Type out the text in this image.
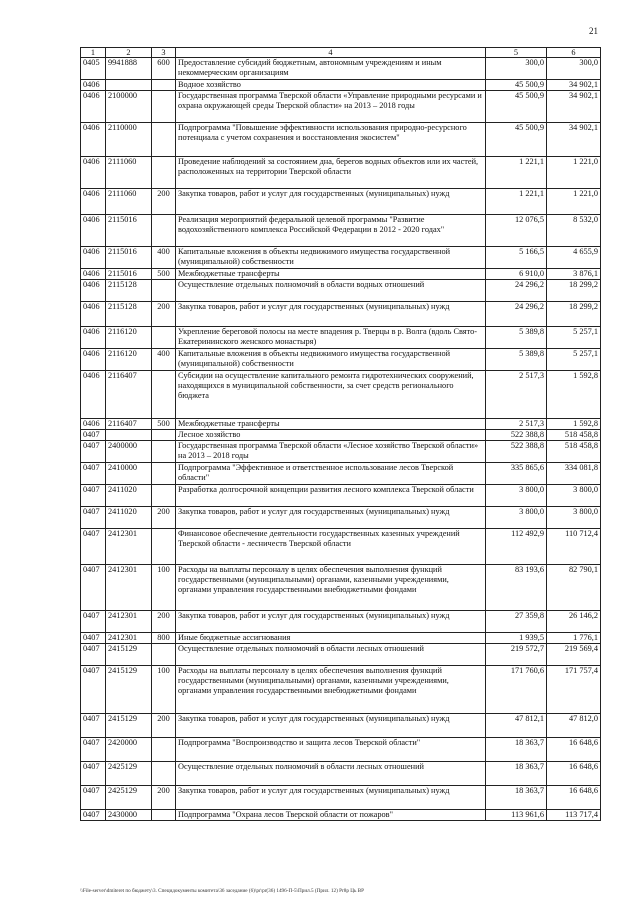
21
1	2	3	4	5	6
0405	9941888	600	Предоставление субсидий бюджетным, автономным учреждениям и иным некоммерческим организациям	300,0	300,0
0406			Водное хозяйство	45 500,9	34 902,1
0406	2100000		Государственная программа Тверской области «Управление природными ресурсами и охрана окружающей среды Тверской области» на 2013 – 2018 годы	45 500,9	34 902,1
0406	2110000		Подпрограмма "Повышение эффективности использования природно-ресурсного потенциала с учетом сохранения и восстановления экосистем"	45 500,9	34 902,1
0406	2111060		Проведение наблюдений за состоянием дна, берегов водных объектов или их частей, расположенных на территории Тверской области	1 221,1	1 221,0
0406	2111060	200	Закупка товаров, работ и услуг для государственных (муниципальных) нужд	1 221,1	1 221,0
0406	2115016		Реализация мероприятий федеральной целевой программы "Развитие водохозяйственного комплекса Российской Федерации в 2012 - 2020 годах"	12 076,5	8 532,0
0406	2115016	400	Капитальные вложения в объекты недвижимого имущества государственной (муниципальной) собственности	5 166,5	4 655,9
0406	2115016	500	Межбюджетные трансферты	6 910,0	3 876,1
0406	2115128		Осуществление отдельных полномочий в области водных отношений	24 296,2	18 299,2
0406	2115128	200	Закупка товаров, работ и услуг для государственных (муниципальных) нужд	24 296,2	18 299,2
0406	2116120		Укрепление береговой полосы на месте впадения р. Тверцы в р. Волга (вдоль Свято-Екатерининского женского монастыря)	5 389,8	5 257,1
0406	2116120	400	Капитальные вложения в объекты недвижимого имущества государственной (муниципальной) собственности	5 389,8	5 257,1
0406	2116407		Субсидии на осуществление капитального ремонта гидротехнических сооружений, находящихся в муниципальной собственности, за счет средств регионального бюджета	2 517,3	1 592,8
0406	2116407	500	Межбюджетные трансферты	2 517,3	1 592,8
0407			Лесное хозяйство	522 388,8	518 458,8
0407	2400000		Государственная программа Тверской области «Лесное хозяйство Тверской области» на 2013 – 2018 годы	522 388,8	518 458,8
0407	2410000		Подпрограмма "Эффективное и ответственное использование лесов Тверской области"	335 865,6	334 081,8
0407	2411020		Разработка долгосрочной концепции развития лесного комплекса Тверской области	3 800,0	3 800,0
0407	2411020	200	Закупка товаров, работ и услуг для государственных (муниципальных) нужд	3 800,0	3 800,0
0407	2412301		Финансовое обеспечение деятельности государственных казенных учреждений Тверской области - лесничеств Тверской области	112 492,9	110 712,4
0407	2412301	100	Расходы на выплаты персоналу в целях обеспечения выполнения функций государственными (муниципальными) органами, казенными учреждениями, органами управления государственными внебюджетными фондами	83 193,6	82 790,1
0407	2412301	200	Закупка товаров, работ и услуг для государственных (муниципальных) нужд	27 359,8	26 146,2
0407	2412301	800	Иные бюджетные ассигнования	1 939,5	1 776,1
0407	2415129		Осуществление отдельных полномочий в области лесных отношений	219 572,7	219 569,4
0407	2415129	100	Расходы на выплаты персоналу в целях обеспечения выполнения функций государственными (муниципальными) органами, казенными учреждениями, органами управления государственными внебюджетными фондами	171 760,6	171 757,4
0407	2415129	200	Закупка товаров, работ и услуг для государственных (муниципальных) нужд	47 812,1	47 812,0
0407	2420000		Подпрограмма "Воспроизводство и защита лесов Тверской области"	18 363,7	16 648,6
0407	2425129		Осуществление отдельных полномочий в области лесных отношений	18 363,7	16 648,6
0407	2425129	200	Закупка товаров, работ и услуг для государственных (муниципальных) нужд	18 363,7	16 648,6
0407	2430000		Подпрограмма "Охрана лесов Тверской области от пожаров"	113 961,6	113 717,4
\\File-server\dmiteret по бюджету\3. Специдокументы комитета\36 заседание (6)\pr\pr(36) 1496-П-5\Прил.5 (Прил. 12) Pr8p Ць ВР
